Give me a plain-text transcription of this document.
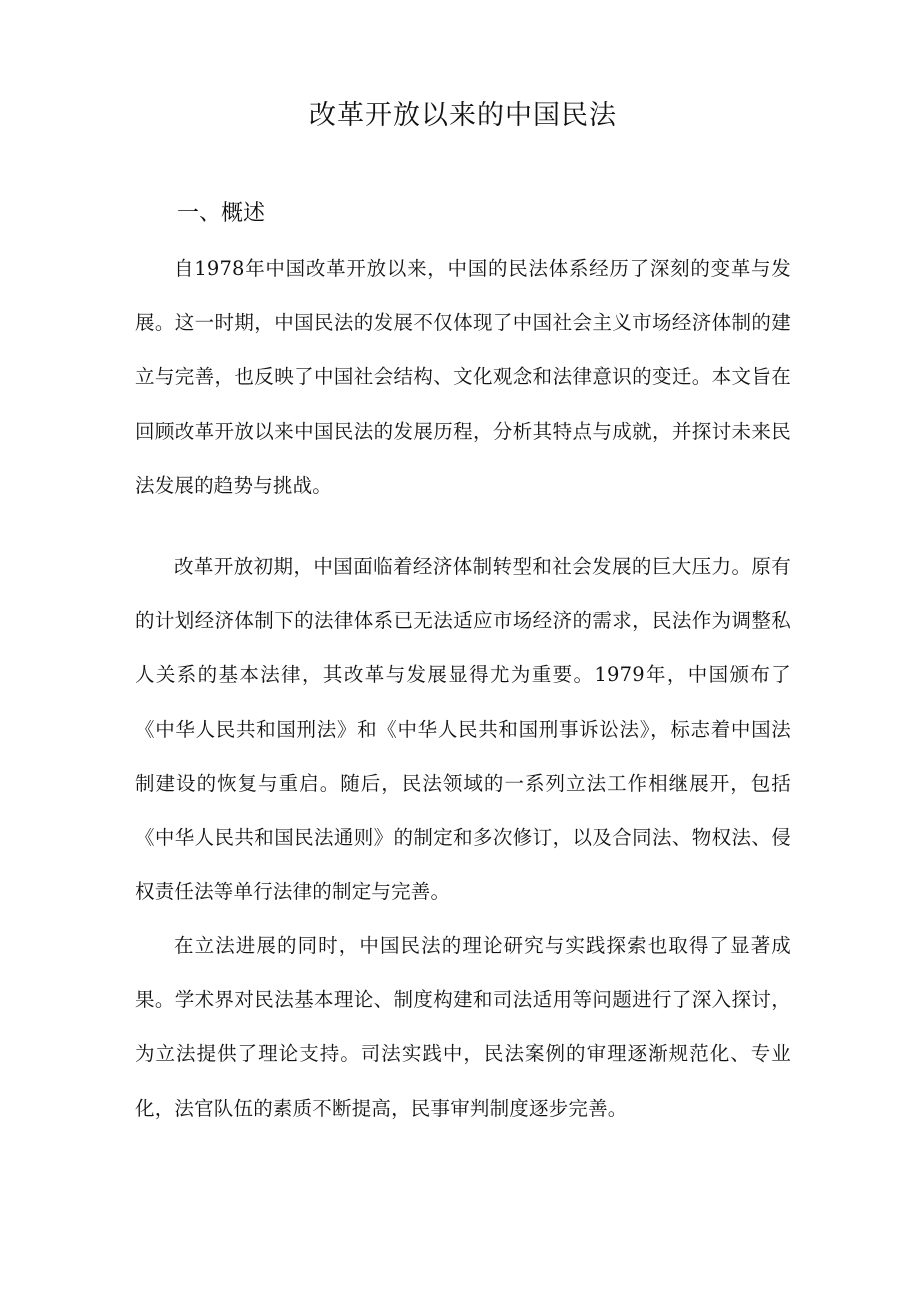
改革开放以来的中国民法
一、概述

自1978年中国改革开放以来，中国的民法体系经历了深刻的变革与发展。这一时期，中国民法的发展不仅体现了中国社会主义市场经济体制的建立与完善，也反映了中国社会结构、文化观念和法律意识的变迁。本文旨在回顾改革开放以来中国民法的发展历程，分析其特点与成就，并探讨未来民法发展的趋势与挑战。

改革开放初期，中国面临着经济体制转型和社会发展的巨大压力。原有的计划经济体制下的法律体系已无法适应市场经济的需求，民法作为调整私人关系的基本法律，其改革与发展显得尤为重要。1979年，中国颁布了《中华人民共和国刑法》和《中华人民共和国刑事诉讼法》，标志着中国法制建设的恢复与重启。随后，民法领域的一系列立法工作相继展开，包括《中华人民共和国民法通则》的制定和多次修订，以及合同法、物权法、侵权责任法等单行法律的制定与完善。

在立法进展的同时，中国民法的理论研究与实践探索也取得了显著成果。学术界对民法基本理论、制度构建和司法适用等问题进行了深入探讨，为立法提供了理论支持。司法实践中，民法案例的审理逐渐规范化、专业化，法官队伍的素质不断提高，民事审判制度逐步完善。
